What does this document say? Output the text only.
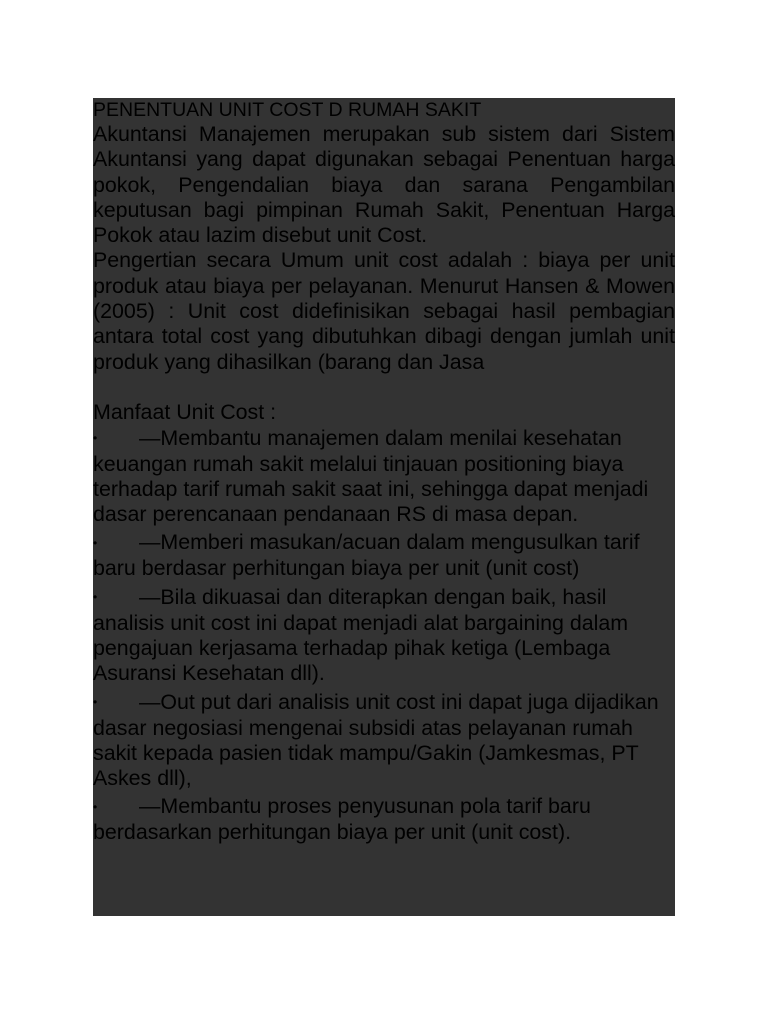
PENENTUAN UNIT COST D RUMAH SAKIT

Akuntansi Manajemen merupakan sub sistem dari Sistem Akuntansi yang dapat digunakan sebagai Penentuan harga pokok, Pengendalian biaya dan sarana Pengambilan keputusan bagi pimpinan Rumah Sakit, Penentuan Harga Pokok atau lazim disebut unit Cost.

Pengertian secara Umum unit cost adalah : biaya per unit produk atau biaya per pelayanan. Menurut Hansen & Mowen (2005) : Unit cost didefinisikan sebagai hasil pembagian antara total cost yang dibutuhkan dibagi dengan jumlah unit produk yang dihasilkan (barang dan Jasa

Manfaat Unit Cost :

• —Membantu manajemen dalam menilai kesehatan keuangan rumah sakit melalui tinjauan positioning biaya terhadap tarif rumah sakit saat ini, sehingga dapat menjadi dasar perencanaan pendanaan RS di masa depan.

• —Memberi masukan/acuan dalam mengusulkan tarif baru berdasar perhitungan biaya per unit (unit cost)

• —Bila dikuasai dan diterapkan dengan baik, hasil analisis unit cost ini dapat menjadi alat bargaining dalam pengajuan kerjasama terhadap pihak ketiga (Lembaga Asuransi Kesehatan dll).

• —Out put dari analisis unit cost ini dapat juga dijadikan dasar negosiasi mengenai subsidi atas pelayanan rumah sakit kepada pasien tidak mampu/Gakin (Jamkesmas, PT Askes dll),

• —Membantu proses penyusunan pola tarif baru berdasarkan perhitungan biaya per unit (unit cost).
